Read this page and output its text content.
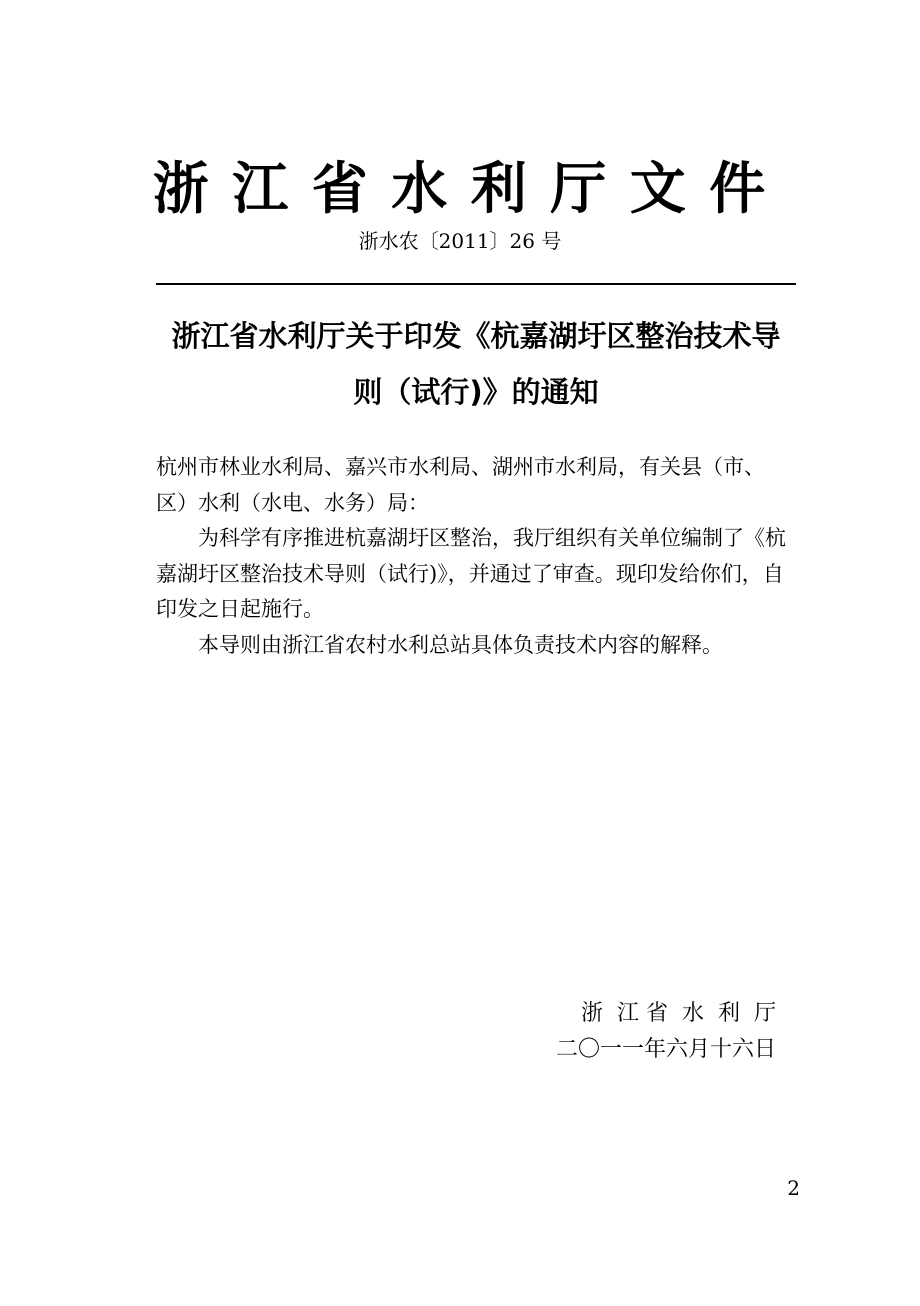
浙 江 省 水 利 厅 文 件
浙水农〔2011〕26 号
浙江省水利厅关于印发《杭嘉湖圩区整治技术导
则（试行)》的通知

杭州市林业水利局、嘉兴市水利局、湖州市水利局，有关县（市、区）水利（水电、水务）局：

为科学有序推进杭嘉湖圩区整治，我厅组织有关单位编制了《杭嘉湖圩区整治技术导则（试行)》，并通过了审查。现印发给你们，自印发之日起施行。

本导则由浙江省农村水利总站具体负责技术内容的解释。

浙  江 省  水  利  厅
二〇一一年六月十六日
2
